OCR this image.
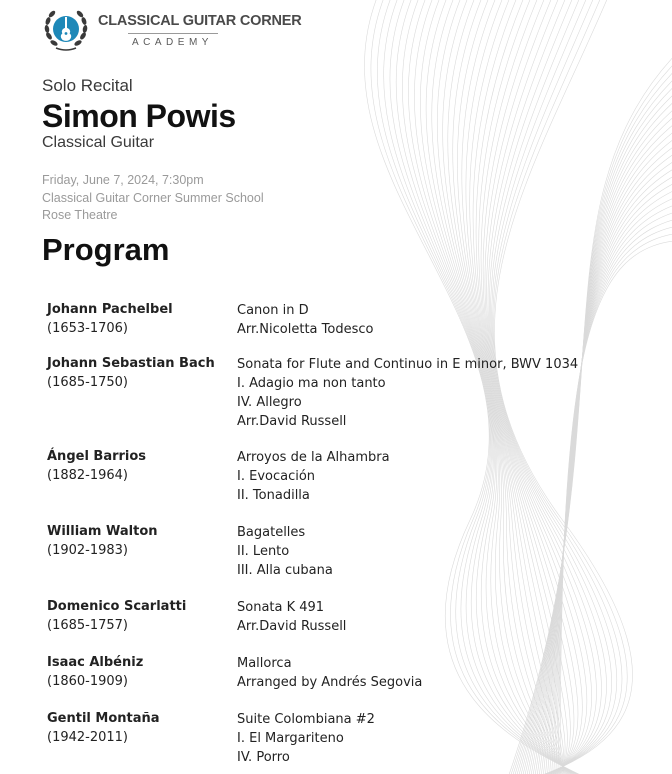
CLASSICAL GUITAR CORNER
ACADEMY
Solo Recital
Simon Powis
Classical Guitar
Friday, June 7, 2024, 7:30pm
Classical Guitar Corner Summer School
Rose Theatre
Program
Johann Pachelbel
(1653-1706)
Canon in D
Arr.Nicoletta Todesco
Johann Sebastian Bach
(1685-1750)
Sonata for Flute and Continuo in E minor, BWV 1034
I. Adagio ma non tanto
IV. Allegro
Arr.David Russell
Ángel Barrios
(1882-1964)
Arroyos de la Alhambra
I. Evocación
II. Tonadilla
William Walton
(1902-1983)
Bagatelles
II. Lento
III. Alla cubana
Domenico Scarlatti
(1685-1757)
Sonata K 491
Arr.David Russell
Isaac Albéniz
(1860-1909)
Mallorca
Arranged by Andrés Segovia
Gentil Montaña
(1942-2011)
Suite Colombiana #2
I. El Margariteno
IV. Porro
